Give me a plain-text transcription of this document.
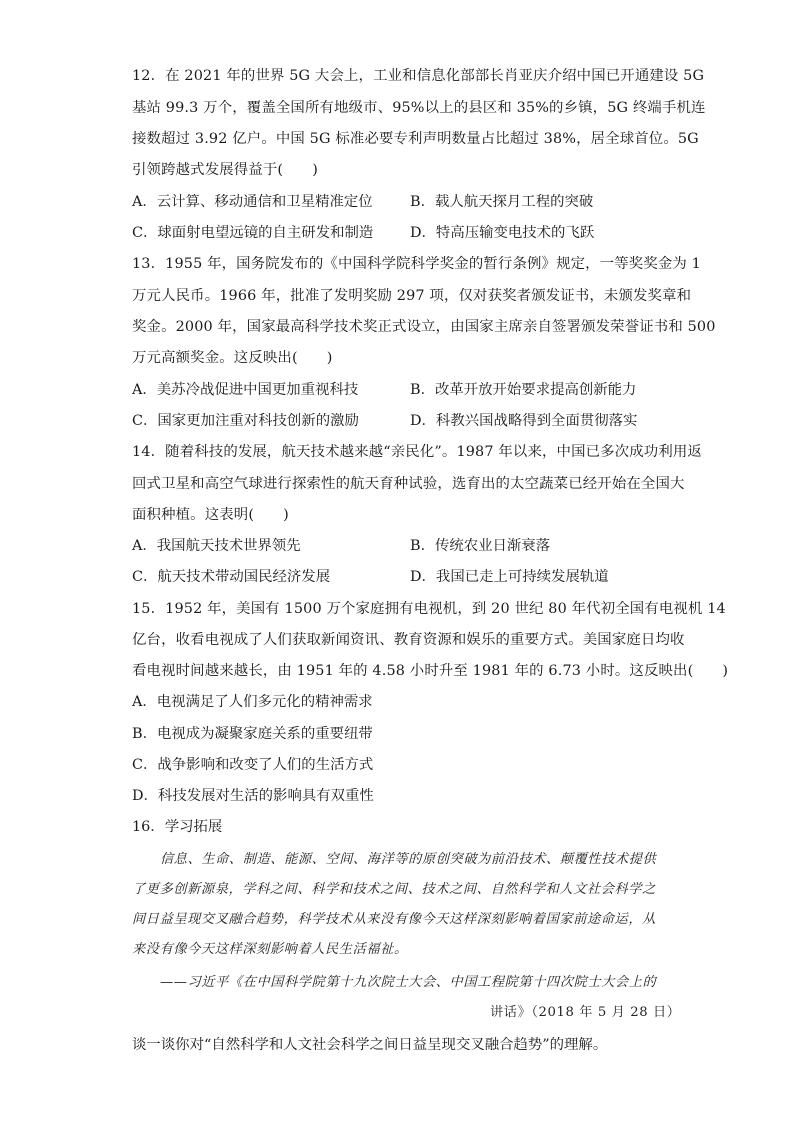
12．在 2021 年的世界 5G 大会上，工业和信息化部部长肖亚庆介绍中国已开通建设 5G
基站 99.3 万个，覆盖全国所有地级市、95%以上的县区和 35%的乡镇，5G 终端手机连
接数超过 3.92 亿户。中国 5G 标准必要专利声明数量占比超过 38%，居全球首位。5G
引领跨越式发展得益于(　　)
A．云计算、移动通信和卫星精准定位	B．载人航天探月工程的突破
C．球面射电望远镜的自主研发和制造	D．特高压输变电技术的飞跃
13．1955 年，国务院发布的《中国科学院科学奖金的暂行条例》规定，一等奖奖金为 1
万元人民币。1966 年，批准了发明奖励 297 项，仅对获奖者颁发证书，未颁发奖章和
奖金。2000 年，国家最高科学技术奖正式设立，由国家主席亲自签署颁发荣誉证书和 500
万元高额奖金。这反映出(　　)
A．美苏冷战促进中国更加重视科技	B．改革开放开始要求提高创新能力
C．国家更加注重对科技创新的激励	D．科教兴国战略得到全面贯彻落实
14．随着科技的发展，航天技术越来越“亲民化”。1987 年以来，中国已多次成功利用返
回式卫星和高空气球进行探索性的航天育种试验，选育出的太空蔬菜已经开始在全国大
面积种植。这表明(　　)
A．我国航天技术世界领先	B．传统农业日渐衰落
C．航天技术带动国民经济发展	D．我国已走上可持续发展轨道
15．1952 年，美国有 1500 万个家庭拥有电视机，到 20 世纪 80 年代初全国有电视机 14
亿台，收看电视成了人们获取新闻资讯、教育资源和娱乐的重要方式。美国家庭日均收
看电视时间越来越长，由 1951 年的 4.58 小时升至 1981 年的 6.73 小时。这反映出(　　)
A．电视满足了人们多元化的精神需求
B．电视成为凝聚家庭关系的重要纽带
C．战争影响和改变了人们的生活方式
D．科技发展对生活的影响具有双重性
16．学习拓展
信息、生命、制造、能源、空间、海洋等的原创突破为前沿技术、颠覆性技术提供
了更多创新源泉，学科之间、科学和技术之间、技术之间、自然科学和人文社会科学之
间日益呈现交叉融合趋势，科学技术从来没有像今天这样深刻影响着国家前途命运，从
来没有像今天这样深刻影响着人民生活福祉。
——习近平《在中国科学院第十九次院士大会、中国工程院第十四次院士大会上的
讲话》（2018 年 5 月 28 日）
谈一谈你对“自然科学和人文社会科学之间日益呈现交叉融合趋势”的理解。
